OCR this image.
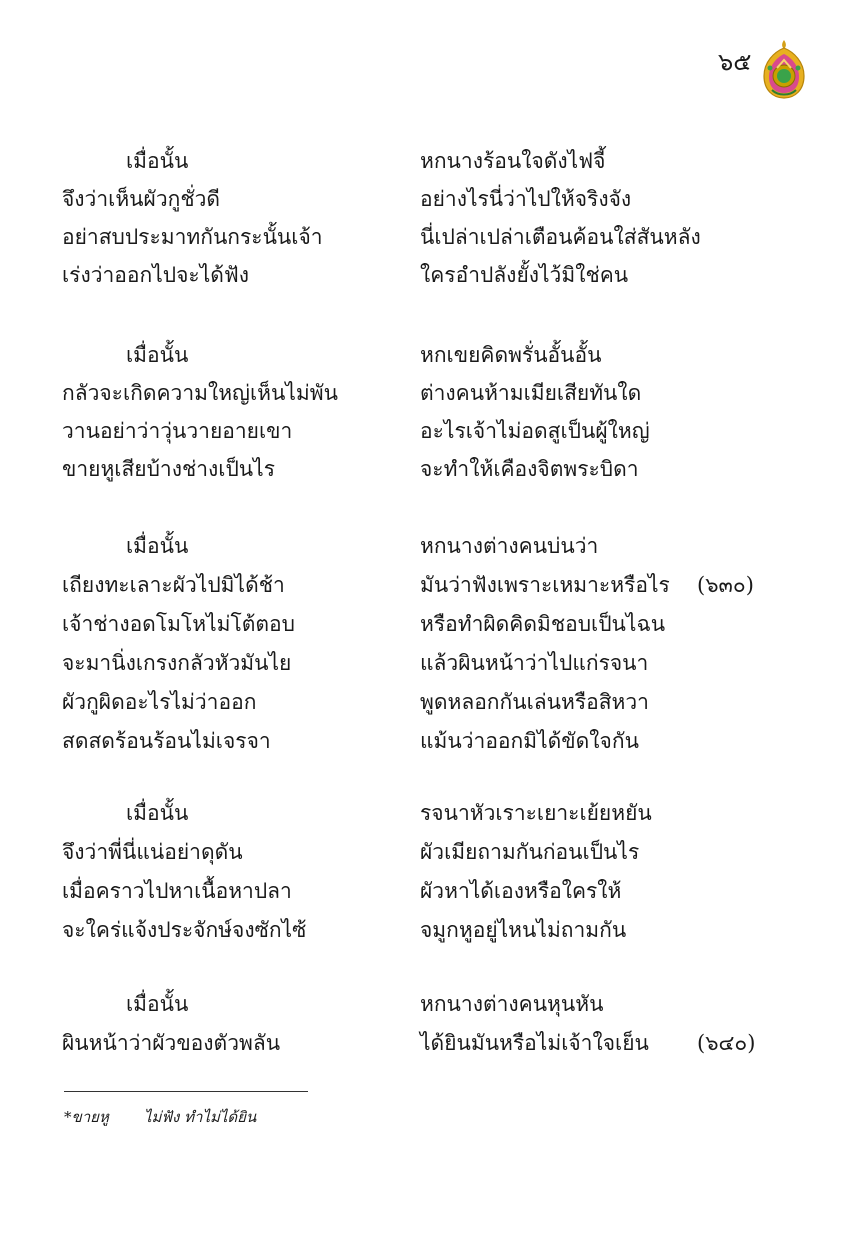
๖๕
เมื่อนั้น	หกนางร้อนใจดังไฟจี้
จึงว่าเห็นผัวกูชั่วดี	อย่างไรนี่ว่าไปให้จริงจัง
อย่าสบประมาทกันกระนั้นเจ้า	นี่เปล่าเปล่าเตือนค้อนใส่สันหลัง
เร่งว่าออกไปจะได้ฟัง	ใครอำปลังยั้งไว้มิใช่คน
เมื่อนั้น	หกเขยคิดพรั่นอั้นอั้น
กลัวจะเกิดความใหญ่เห็นไม่พัน	ต่างคนห้ามเมียเสียทันใด
วานอย่าว่าวุ่นวายอายเขา	อะไรเจ้าไม่อดสูเป็นผู้ใหญ่
ขายหูเสียบ้างช่างเป็นไร	จะทำให้เคืองจิตพระบิดา
เมื่อนั้น	หกนางต่างคนบ่นว่า
เถียงทะเลาะผัวไปมิได้ช้า	มันว่าฟังเพราะเหมาะหรือไร (๖๓๐)
เจ้าช่างอดโมโหไม่โต้ตอบ	หรือทำผิดคิดมิชอบเป็นไฉน
จะมานิ่งเกรงกลัวหัวมันไย	แล้วผินหน้าว่าไปแก่รจนา
ผัวกูผิดอะไรไม่ว่าออก	พูดหลอกกันเล่นหรือสิหวา
สดสดร้อนร้อนไม่เจรจา	แม้นว่าออกมิได้ขัดใจกัน
เมื่อนั้น	รจนาหัวเราะเยาะเย้ยหยัน
จึงว่าพี่นี่แน่อย่าดุดัน	ผัวเมียถามกันก่อนเป็นไร
เมื่อคราวไปหาเนื้อหาปลา	ผัวหาได้เองหรือใครให้
จะใคร่แจ้งประจักษ์จงซักไซ้	จมูกหูอยู่ไหนไม่ถามกัน
เมื่อนั้น	หกนางต่างคนหุนหัน
ผินหน้าว่าผัวของตัวพลัน	ได้ยินมันหรือไม่เจ้าใจเย็น (๖๔๐)
*ขายหู ไม่ฟัง ทำไม่ได้ยิน
